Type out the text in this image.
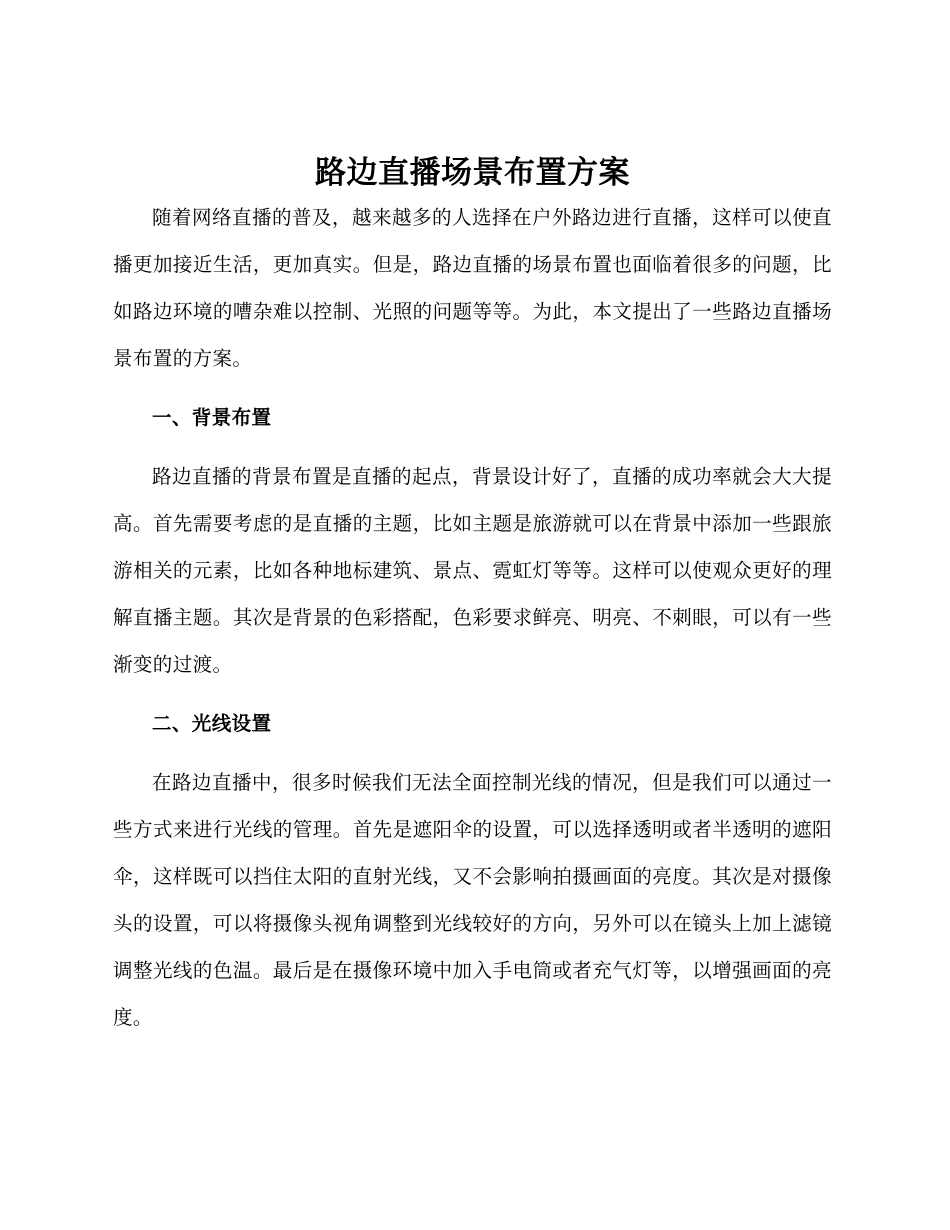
路边直播场景布置方案

随着网络直播的普及，越来越多的人选择在户外路边进行直播，这样可以使直播更加接近生活，更加真实。但是，路边直播的场景布置也面临着很多的问题，比如路边环境的嘈杂难以控制、光照的问题等等。为此，本文提出了一些路边直播场景布置的方案。

一、背景布置

路边直播的背景布置是直播的起点，背景设计好了，直播的成功率就会大大提高。首先需要考虑的是直播的主题，比如主题是旅游就可以在背景中添加一些跟旅游相关的元素，比如各种地标建筑、景点、霓虹灯等等。这样可以使观众更好的理解直播主题。其次是背景的色彩搭配，色彩要求鲜亮、明亮、不刺眼，可以有一些渐变的过渡。

二、光线设置

在路边直播中，很多时候我们无法全面控制光线的情况，但是我们可以通过一些方式来进行光线的管理。首先是遮阳伞的设置，可以选择透明或者半透明的遮阳伞，这样既可以挡住太阳的直射光线，又不会影响拍摄画面的亮度。其次是对摄像头的设置，可以将摄像头视角调整到光线较好的方向，另外可以在镜头上加上滤镜调整光线的色温。最后是在摄像环境中加入手电筒或者充气灯等，以增强画面的亮度。
